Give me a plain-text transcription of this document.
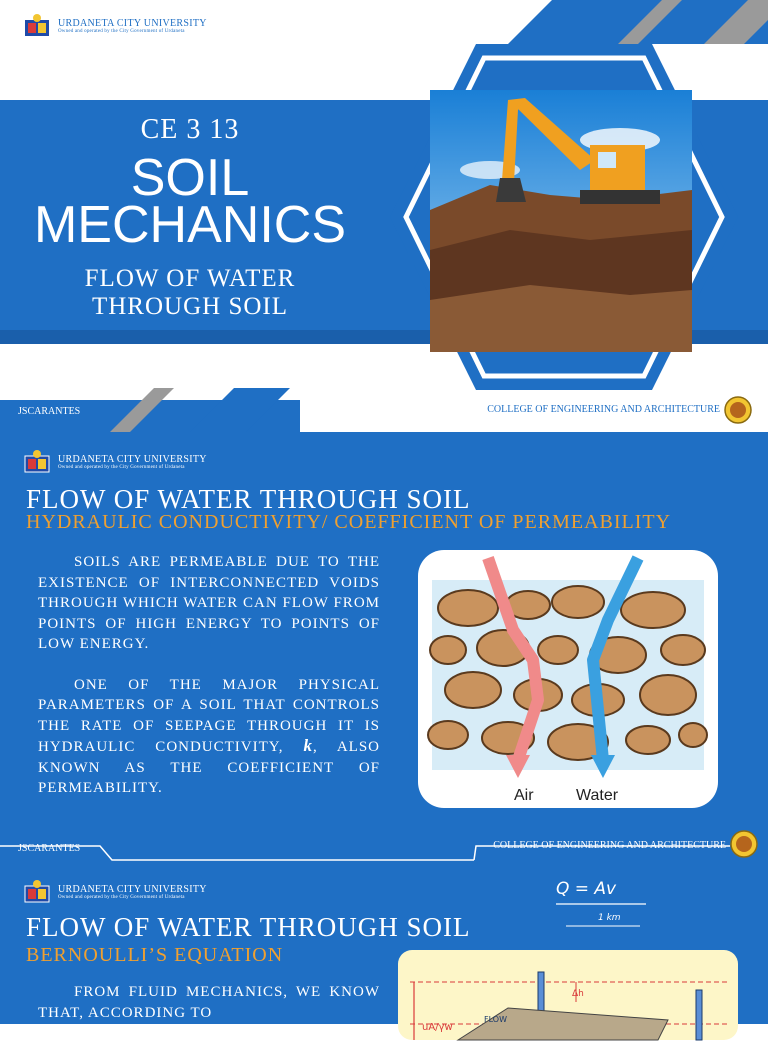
URDANETA CITY UNIVERSITY
Owned and operated by the City Government of Urdaneta
CE 3 13
SOIL
MECHANICS
FLOW OF WATER
THROUGH SOIL
JSCARANTES	COLLEGE OF ENGINEERING AND ARCHITECTURE
URDANETA CITY UNIVERSITY
Owned and operated by the City Government of Urdaneta
FLOW OF WATER THROUGH SOIL
HYDRAULIC CONDUCTIVITY/ COEFFICIENT OF PERMEABILITY

SOILS ARE PERMEABLE DUE TO THE EXISTENCE OF INTERCONNECTED VOIDS THROUGH WHICH WATER CAN FLOW FROM POINTS OF HIGH ENERGY TO POINTS OF LOW ENERGY.

ONE OF THE MAJOR PHYSICAL PARAMETERS OF A SOIL THAT CONTROLS THE RATE OF SEEPAGE THROUGH IT IS HYDRAULIC CONDUCTIVITY, k, ALSO KNOWN AS THE COEFFICIENT OF PERMEABILITY.	Air	Water
JSCARANTES	COLLEGE OF ENGINEERING AND ARCHITECTURE
URDANETA CITY UNIVERSITY
Owned and operated by the City Government of Urdaneta	Q = Av
1 km
FLOW OF WATER THROUGH SOIL
BERNOULLI’S EQUATION
FROM FLUID MECHANICS, WE KNOW THAT, ACCORDING TO
Δh
uA/γw
FLOW
